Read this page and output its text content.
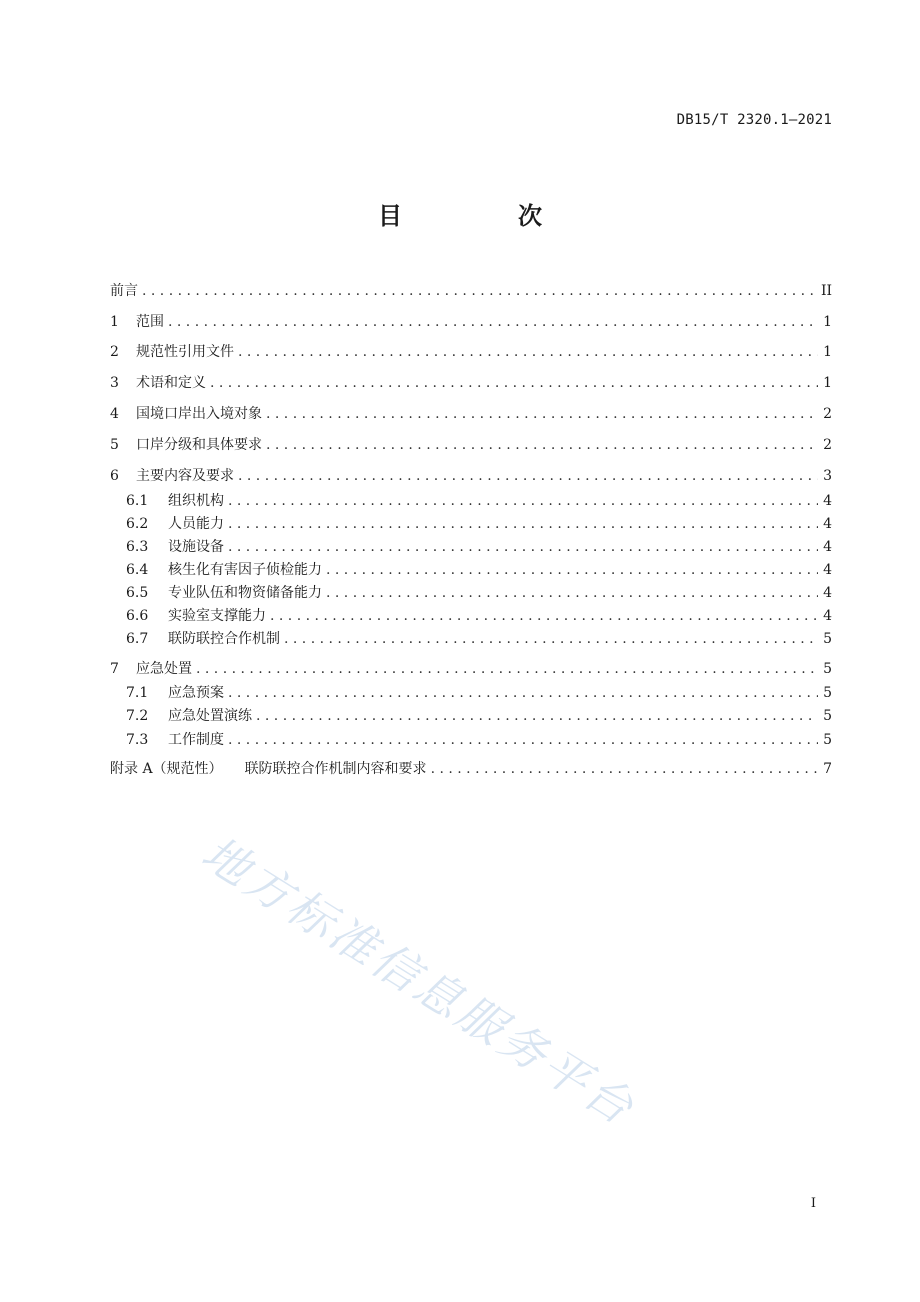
DB15/T 2320.1—2021
目　次
前言 . . .	II
1	范围 . . .	1
2	规范性引用文件 . . .	1
3	术语和定义 . . .	1
4	国境口岸出入境对象 . . .	2
5	口岸分级和具体要求 . . .	2
6	主要内容及要求 . . .	3
6.1	组织机构 . . .	4
6.2	人员能力 . . .	4
6.3	设施设备 . . .	4
6.4	核生化有害因子侦检能力 . . .	4
6.5	专业队伍和物资储备能力 . . .	4
6.6	实验室支撑能力 . . .	4
6.7	联防联控合作机制 . . .	5
7	应急处置 . . .	5
7.1	应急预案 . . .	5
7.2	应急处置演练 . . .	5
7.3	工作制度 . . .	5
附录 A（规范性） 联防联控合作机制内容和要求 . . .	7
地方标准信息服务平台
I
